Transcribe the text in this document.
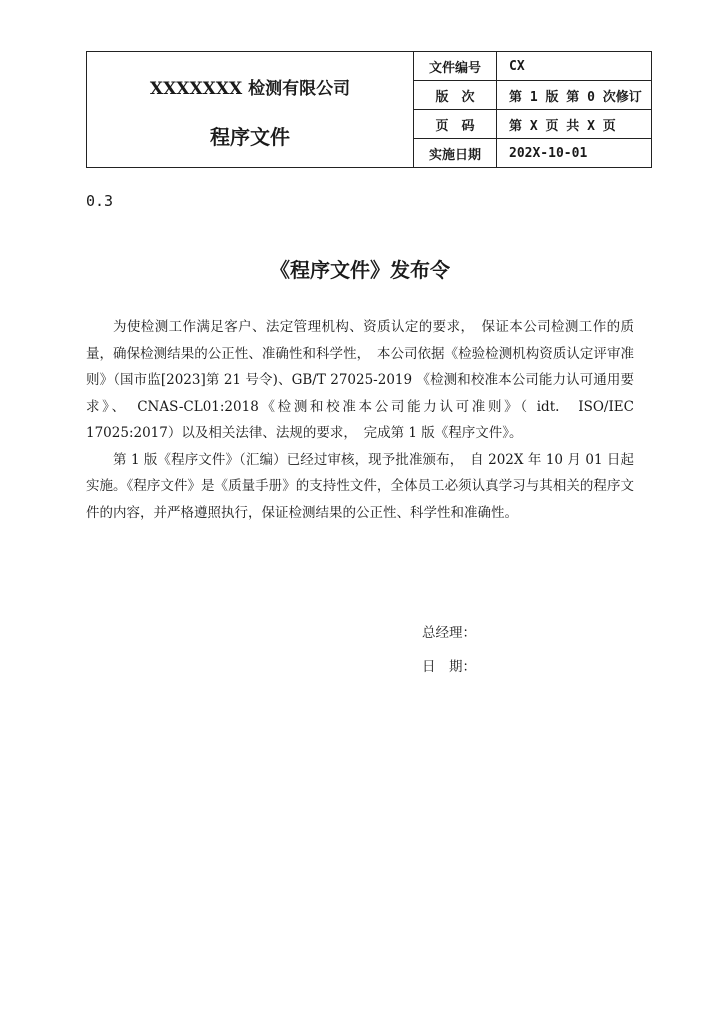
XXXXXXX 检测有限公司
程序文件	文件编号	CX
	版　次	第 1 版 第 0 次修订
	页　码	第 X 页 共 X 页
	实施日期	202X-10-01
0.3
《程序文件》发布令

为使检测工作满足客户、法定管理机构、资质认定的要求，　保证本公司检测工作的质量，确保检测结果的公正性、准确性和科学性，　本公司依据《检验检测机构资质认定评审准则》（国市监[2023]第 21 号令)、GB/T 27025-2019 《检测和校准本公司能力认可通用要求》、　CNAS-CL01:2018《检测和校准本公司能力认可准则》（ idt.　ISO/IEC 17025:2017）以及相关法律、法规的要求，　完成第 1 版《程序文件》。

第 1 版《程序文件》（汇编）已经过审核，现予批准颁布，　自 202X 年 10 月 01 日起实施。《程序文件》是《质量手册》的支持性文件，全体员工必须认真学习与其相关的程序文件的内容，并严格遵照执行，保证检测结果的公正性、科学性和准确性。

总经理：
日　期：
